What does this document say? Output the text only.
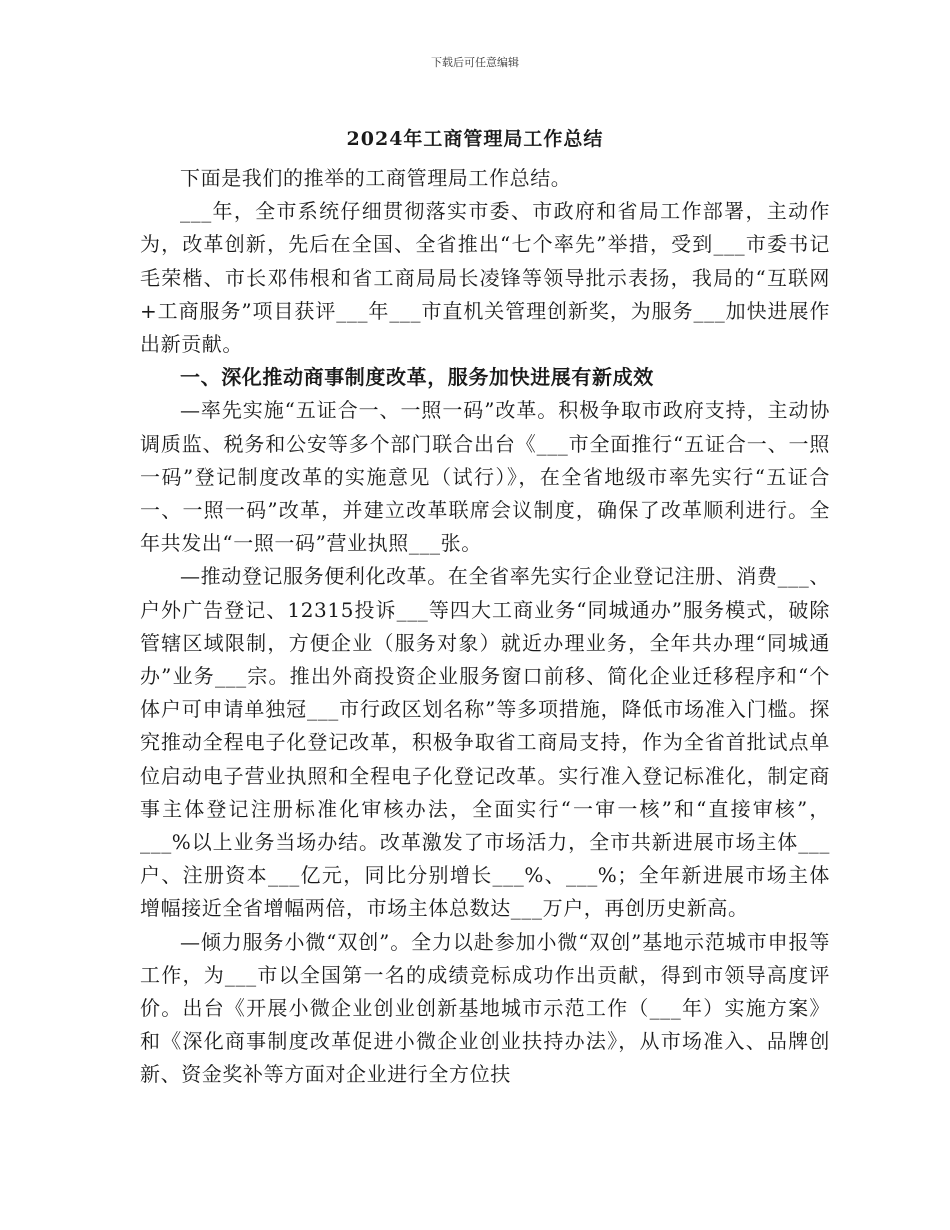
下载后可任意编辑
2024年工商管理局工作总结

下面是我们的推举的工商管理局工作总结。

___年，全市系统仔细贯彻落实市委、市政府和省局工作部署，主动作为，改革创新，先后在全国、全省推出“七个率先”举措，受到___市委书记毛荣楷、市长邓伟根和省工商局局长凌锋等领导批示表扬，我局的“互联网+工商服务”项目获评___年___市直机关管理创新奖，为服务___加快进展作出新贡献。

一、深化推动商事制度改革，服务加快进展有新成效

—率先实施“五证合一、一照一码”改革。积极争取市政府支持，主动协调质监、税务和公安等多个部门联合出台《___市全面推行“五证合一、一照一码”登记制度改革的实施意见（试行）》，在全省地级市率先实行“五证合一、一照一码”改革，并建立改革联席会议制度，确保了改革顺利进行。全年共发出“一照一码”营业执照___张。

—推动登记服务便利化改革。在全省率先实行企业登记注册、消费___、户外广告登记、12315投诉___等四大工商业务“同城通办”服务模式，破除管辖区域限制，方便企业（服务对象）就近办理业务，全年共办理“同城通办”业务___宗。推出外商投资企业服务窗口前移、简化企业迁移程序和“个体户可申请单独冠___市行政区划名称”等多项措施，降低市场准入门槛。探究推动全程电子化登记改革，积极争取省工商局支持，作为全省首批试点单位启动电子营业执照和全程电子化登记改革。实行准入登记标准化，制定商事主体登记注册标准化审核办法，全面实行“一审一核”和“直接审核”，___%以上业务当场办结。改革激发了市场活力，全市共新进展市场主体___户、注册资本___亿元，同比分别增长___%、___%；全年新进展市场主体增幅接近全省增幅两倍，市场主体总数达___万户，再创历史新高。

—倾力服务小微“双创”。全力以赴参加小微“双创”基地示范城市申报等工作，为___市以全国第一名的成绩竞标成功作出贡献，得到市领导高度评价。出台《开展小微企业创业创新基地城市示范工作（___年）实施方案》和《深化商事制度改革促进小微企业创业扶持办法》，从市场准入、品牌创新、资金奖补等方面对企业进行全方位扶
